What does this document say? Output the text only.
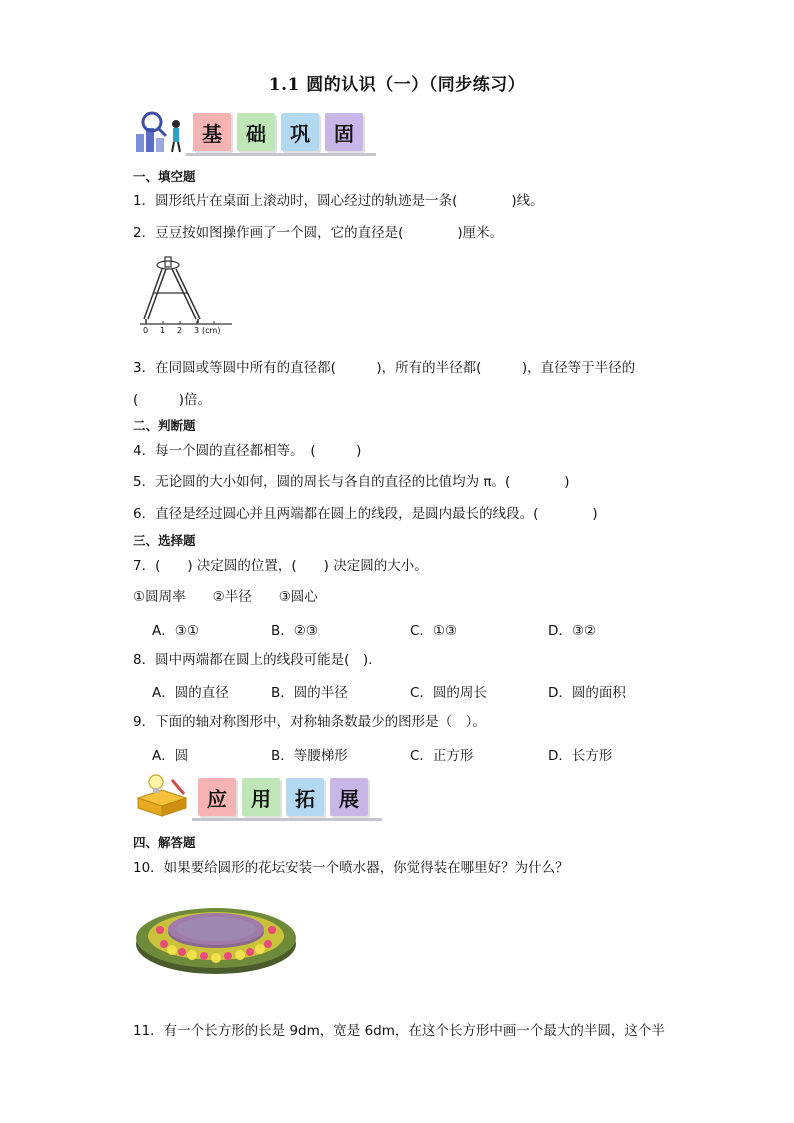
1.1 圆的认识（一）（同步练习）
基	础	巩	固
一、填空题
1．圆形纸片在桌面上滚动时，圆心经过的轨迹是一条(　　　　)线。
2．豆豆按如图操作画了一个圆，它的直径是(　　　　)厘米。
0 1 2 3 (cm)
3．在同圆或等圆中所有的直径都(　　　)，所有的半径都(　　　)，直径等于半径的
(　　　)倍。
二、判断题
4．每一个圆的直径都相等。　(　　　)
5．无论圆的大小如何，圆的周长与各自的直径的比值均为 π。(　　　　)
6．直径是经过圆心并且两端都在圆上的线段，是圆内最长的线段。(　　　　)
三、选择题
7．(　　) 决定圆的位置，(　　) 决定圆的大小。
①圆周率　　②半径　　③圆心
A．③①	B．②③	C．①③	D．③②
8．圆中两端都在圆上的线段可能是(　).
A．圆的直径	B．圆的半径	C．圆的周长	D．圆的面积
9．下面的轴对称图形中，对称轴条数最少的图形是（　）。
A．圆	B．等腰梯形	C．正方形	D．长方形
应	用	拓	展
四、解答题
10．如果要给圆形的花坛安装一个喷水器，你觉得装在哪里好？为什么？
11．有一个长方形的长是 9dm，宽是 6dm，在这个长方形中画一个最大的半圆，这个半
